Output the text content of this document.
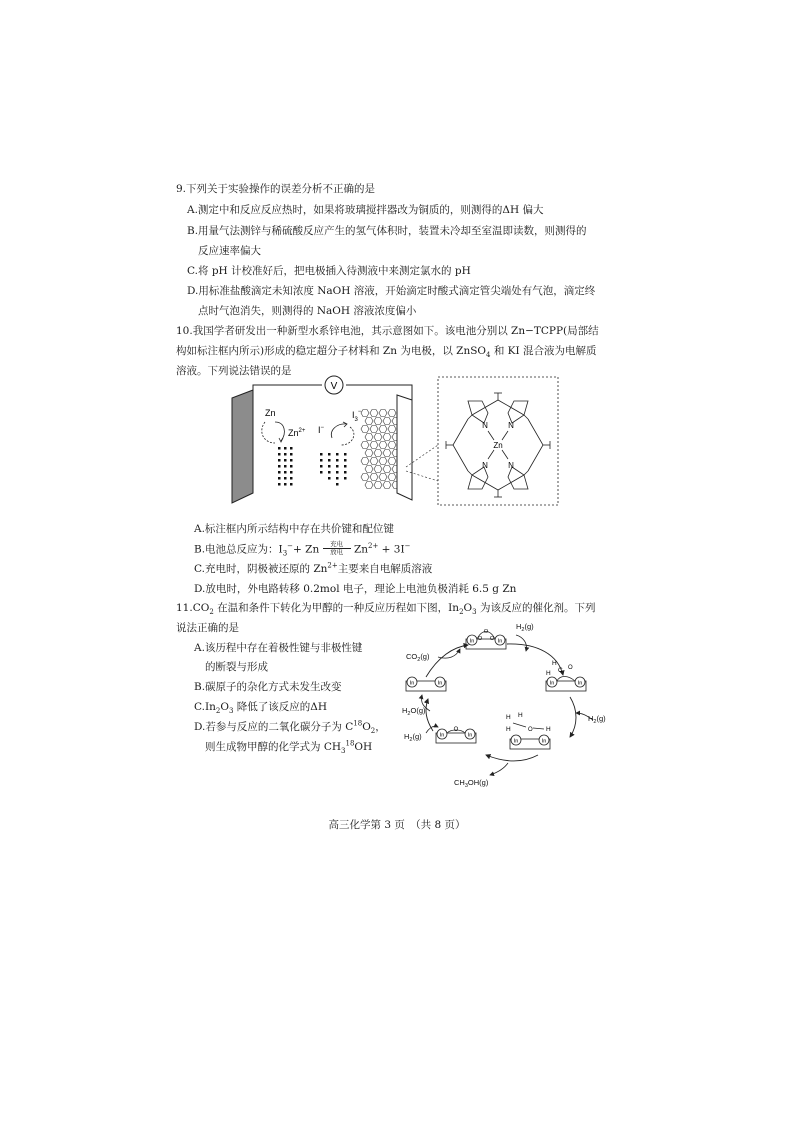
9.下列关于实验操作的误差分析不正确的是
A.测定中和反应反应热时，如果将玻璃搅拌器改为铜质的，则测得的ΔH 偏大
B.用量气法测锌与稀硫酸反应产生的氢气体积时，装置未冷却至室温即读数，则测得的
反应速率偏大
C.将 pH 计校准好后，把电极插入待测液中来测定氯水的 pH
D.用标准盐酸滴定未知浓度 NaOH 溶液，开始滴定时酸式滴定管尖端处有气泡，滴定终
点时气泡消失，则测得的 NaOH 溶液浓度偏小
10.我国学者研发出一种新型水系锌电池，其示意图如下。该电池分别以 Zn−TCPP(局部结
构如标注框内所示)形成的稳定超分子材料和 Zn 为电极，以 ZnSO$_4$ 和 KI 混合液为电解质
溶液。下列说法错误的是
V
Zn
$Zn^{2+}$ I−
$I_3^-$
N	N
N	N
Zn
A.标注框内所示结构中存在共价键和配位键
B.电池总反应为：$I_3^-+ Zn$	充电
放电	$Zn^{2+} + 3I^-$
C.充电时，阴极被还原的 $Zn^{2+}$主要来自电解质溶液
D.放电时，外电路转移 0.2mol 电子，理论上电池负极消耗 6.5 g Zn
$11.CO_2$ 在温和条件下转化为甲醇的一种反应历程如下图，$In_2O_3$ 为该反应的催化剂。下列
说法正确的是
A.该历程中存在着极性键与非极性键
的断裂与形成
B.碳原子的杂化方式未发生改变
$C.In_2O_3$ 降低了该反应的ΔH
D.若参与反应的二氧化碳分子为 $C^{18}O_2$，
则生成物甲醇的化学式为 $CH_3^{18}OH$
$CO_2(g)$
$H_2(g)$
$H_2(g)$
$H_2O(g)$
$H_2(g)$
$CH_3OH(g)$
In	In
O
O O
In	In
H
H C O
In	In
H H
H	O H
In	In
O
In	In
高三化学第 3 页　（共 8 页）
